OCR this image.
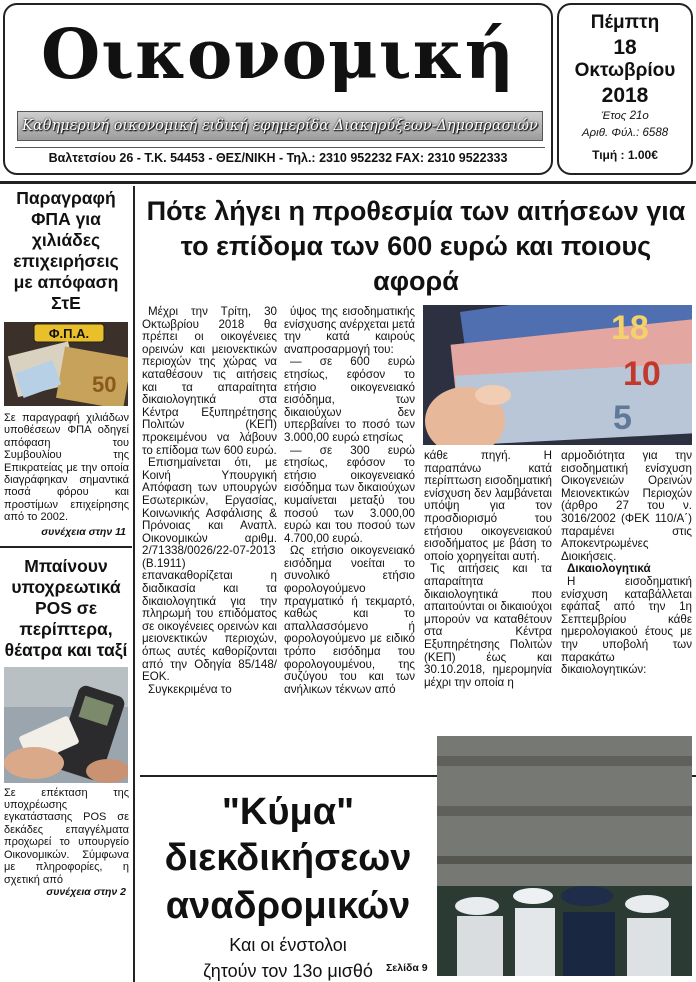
Οικονομική
Καθημερινή οικονομική ειδική εφημερίδα Διακηρύξεων-Δημοπρασιών
Βαλτετσίου 26 - Τ.Κ. 54453 - ΘΕΣ/ΝΙΚΗ - Τηλ.: 2310 952232 FAX: 2310 9522333
Πέμπτη
18
Οκτωβρίου
2018
Έτος 21ο
Αριθ. Φύλ.: 6588
Τιμή : 1.00€
Παραγραφή ΦΠΑ για χιλιάδες επιχειρήσεις με απόφαση ΣτΕ
Φ.Π.Α.
50
Σε παραγραφή χιλιάδων υποθέσεων ΦΠΑ οδηγεί απόφαση του Συμβουλίου της Επικρατείας με την οποία διαγράφηκαν σημαντικά ποσά φόρου και προστίμων επιχείρησης από το 2002.
συνέχεια στην 11
Μπαίνουν υποχρεωτικά POS σε περίπτερα, θέατρα και ταξί
Σε επέκταση της υποχρέωσης εγκατάστασης POS σε δεκάδες επαγγέλματα προχωρεί το υπουργείο Οικονομικών. Σύμφωνα με πληροφορίες, η σχετική από
συνέχεια στην 2
Πότε λήγει η προθεσμία των αιτήσεων για το επίδομα των 600 ευρώ και ποιους αφορά

Μέχρι την Τρίτη, 30 Οκτωβρίου 2018 θα πρέπει οι οικογένειες ορεινών και μειονεκτικών περιοχών της χώρας να καταθέσουν τις αιτήσεις και τα απαραίτητα δικαιολογητικά στα Κέντρα Εξυπηρέτησης Πολιτών (ΚΕΠ) προκειμένου να λάβουν το επίδομα των 600 ευρώ.

Επισημαίνεται ότι, με Κοινή Υπουργική Απόφαση των υπουργών Εσωτερικών, Εργασίας, Κοινωνικής Ασφάλισης & Πρόνοιας και Αναπλ. Οικονομικών αριθμ. 2/71338/0026/22-07-2013 (Β.1911) επανακαθορίζεται η διαδικασία και τα δικαιολογητικά για την πληρωμή του επιδόματος σε οικογένειες ορεινών και μειονεκτικών περιοχών, όπως αυτές καθορίζονται από την Οδηγία 85/148/ΕΟΚ.

Συγκεκριμένα το

ύψος της εισοδηματικής ενίσχυσης ανέρχεται μετά την κατά καιρούς αναπροσαρμογή του:

— σε 600 ευρώ ετησίως, εφόσον το ετήσιο οικογενειακό εισόδημα, των δικαιούχων δεν υπερβαίνει το ποσό των 3.000,00 ευρώ ετησίως

— σε 300 ευρώ ετησίως, εφόσον το ετήσιο οικογενειακό εισόδημα των δικαιούχων κυμαίνεται μεταξύ του ποσού των 3.000,00 ευρώ και του ποσού των 4.700,00 ευρώ.

Ως ετήσιο οικογενειακό εισόδημα νοείται το συνολικό ετήσιο φορολογούμενο πραγματικό ή τεκμαρτό, καθώς και το απαλλασσόμενο ή φορολογούμενο με ειδικό τρόπο εισόδημα του φορολογουμένου, της συζύγου του και των ανήλικων τέκνων από

18
10
5

κάθε πηγή. Η παραπάνω κατά περίπτωση εισοδηματική ενίσχυση δεν λαμβάνεται υπόψη για τον προσδιορισμό του ετήσιου οικογενειακού εισοδήματος με βάση το οποίο χορηγείται αυτή.

Τις αιτήσεις και τα απαραίτητα δικαιολογητικά που απαιτούνται οι δικαιούχοι μπορούν να καταθέτουν στα Κέντρα Εξυπηρέτησης Πολιτών (ΚΕΠ) έως και 30.10.2018, ημερομηνία μέχρι την οποία η

αρμοδιότητα για την εισοδηματική ενίσχυση Οικογενειών Ορεινών Μειονεκτικών Περιοχών (άρθρο 27 του ν. 3016/2002 (ΦΕΚ 110/Α΄) παραμένει στις Αποκεντρωμένες Διοικήσεις.

Δικαιολογητικά

Η εισοδηματική ενίσχυση καταβάλλεται εφάπαξ από την 1η Σεπτεμβρίου κάθε ημερολογιακού έτους με την υποβολή των παρακάτω δικαιολογητικών:

"Κύμα"
διεκδικήσεων
αναδρομικών
Και οι ένστολοι
ζητούν τον 13ο μισθό	Σελίδα 9
